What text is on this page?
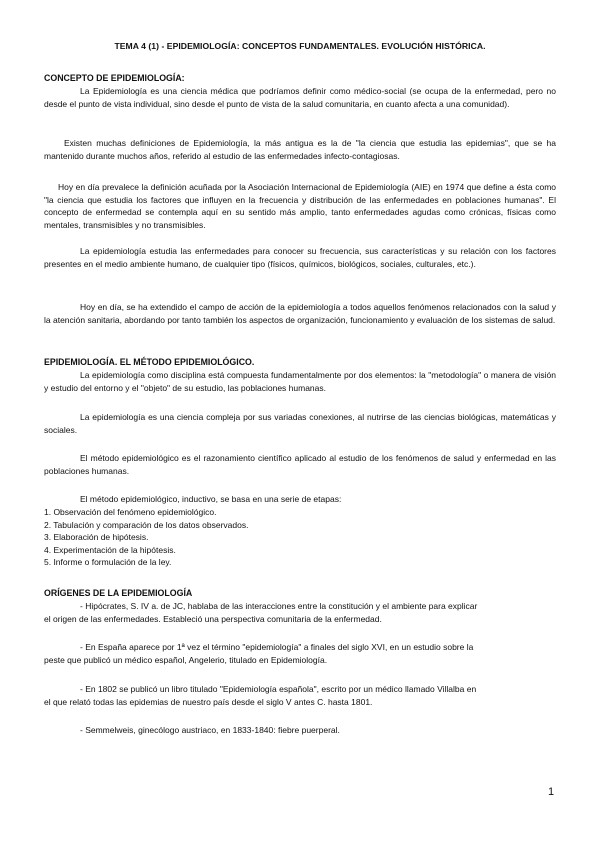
TEMA 4 (1) - EPIDEMIOLOGÍA: CONCEPTOS FUNDAMENTALES. EVOLUCIÓN HISTÓRICA.
CONCEPTO DE EPIDEMIOLOGÍA:
La Epidemiología es una ciencia médica que podríamos definir como médico-social (se ocupa de la enfermedad, pero no desde el punto de vista individual, sino desde el punto de vista de la salud comunitaria, en cuanto afecta a una comunidad).
Existen muchas definiciones de Epidemiología, la más antigua es la de "la ciencia que estudia las epidemias", que se ha mantenido durante muchos años, referido al estudio de las enfermedades infecto-contagiosas.
Hoy en día prevalece la definición acuñada por la Asociación Internacional de Epidemiología (AIE) en 1974 que define a ésta como "la ciencia que estudia los factores que influyen en la frecuencia y distribución de las enfermedades en poblaciones humanas". El concepto de enfermedad se contempla aquí en su sentido más amplio, tanto enfermedades agudas como crónicas, físicas como mentales, transmisibles y no transmisibles.
La epidemiología estudia las enfermedades para conocer su frecuencia, sus características y su relación con los factores presentes en el medio ambiente humano, de cualquier tipo (físicos, químicos, biológicos, sociales, culturales, etc.).
Hoy en día, se ha extendido el campo de acción de la epidemiología a todos aquellos fenómenos relacionados con la salud y la atención sanitaria, abordando por tanto también los aspectos de organización, funcionamiento y evaluación de los sistemas de salud.
EPIDEMIOLOGÍA. EL MÉTODO EPIDEMIOLÓGICO.
La epidemiología como disciplina está compuesta fundamentalmente por dos elementos: la "metodología" o manera de visión y estudio del entorno y el "objeto" de su estudio, las poblaciones humanas.
La epidemiología es una ciencia compleja por sus variadas conexiones, al nutrirse de las ciencias biológicas, matemáticas y sociales.
El método epidemiológico es el razonamiento científico aplicado al estudio de los fenómenos de salud y enfermedad en las poblaciones humanas.
El método epidemiológico, inductivo, se basa en una serie de etapas:
1. Observación del fenómeno epidemiológico.
2. Tabulación y comparación de los datos observados.
3. Elaboración de hipótesis.
4. Experimentación de la hipótesis.
5. Informe o formulación de la ley.
ORÍGENES DE LA EPIDEMIOLOGÍA
- Hipócrates, S. IV a. de JC, hablaba de las interacciones entre la constitución y el ambiente para explicar
el origen de las enfermedades. Estableció una perspectiva comunitaria de la enfermedad.
- En España aparece por 1ª vez el término "epidemiología" a finales del siglo XVI, en un estudio sobre la
peste que publicó un médico español, Angelerio, titulado en Epidemiología.
- En 1802 se publicó un libro titulado "Epidemiología española", escrito por un médico llamado Villalba en
el que relató todas las epidemias de nuestro país desde el siglo V antes C. hasta 1801.
- Semmelweis, ginecólogo austriaco, en 1833-1840: fiebre puerperal.
1
